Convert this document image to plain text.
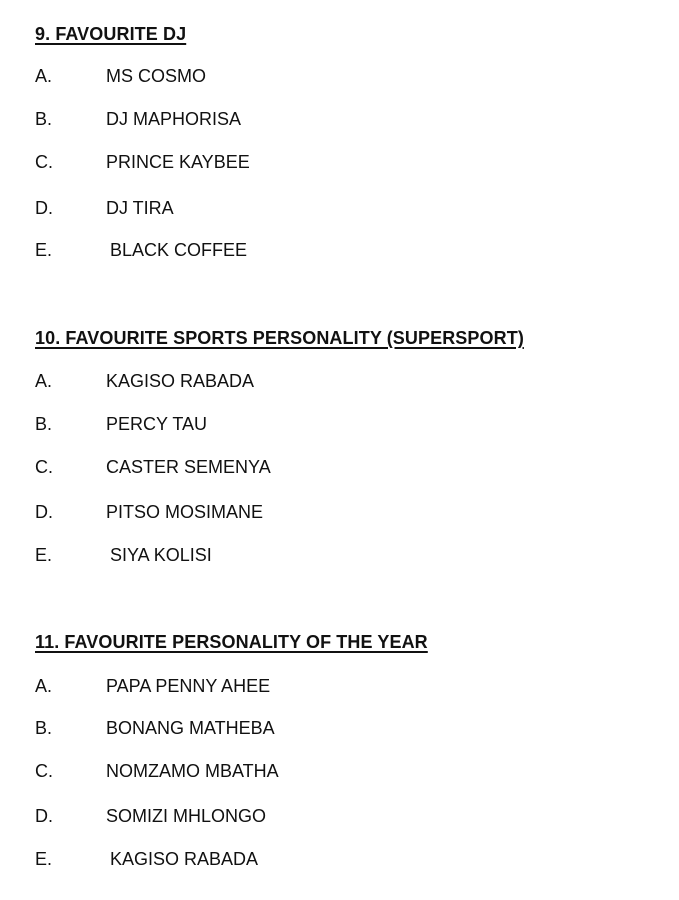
9. FAVOURITE DJ
A.	MS COSMO
B.	DJ MAPHORISA
C.	PRINCE KAYBEE
D.	DJ TIRA
E.	BLACK COFFEE
10. FAVOURITE SPORTS PERSONALITY (SUPERSPORT)
A.	KAGISO RABADA
B.	PERCY TAU
C.	CASTER SEMENYA
D.	PITSO MOSIMANE
E.	SIYA KOLISI
11. FAVOURITE PERSONALITY OF THE YEAR
A.	PAPA PENNY AHEE
B.	BONANG MATHEBA
C.	NOMZAMO MBATHA
D.	SOMIZI MHLONGO
E.	KAGISO RABADA
